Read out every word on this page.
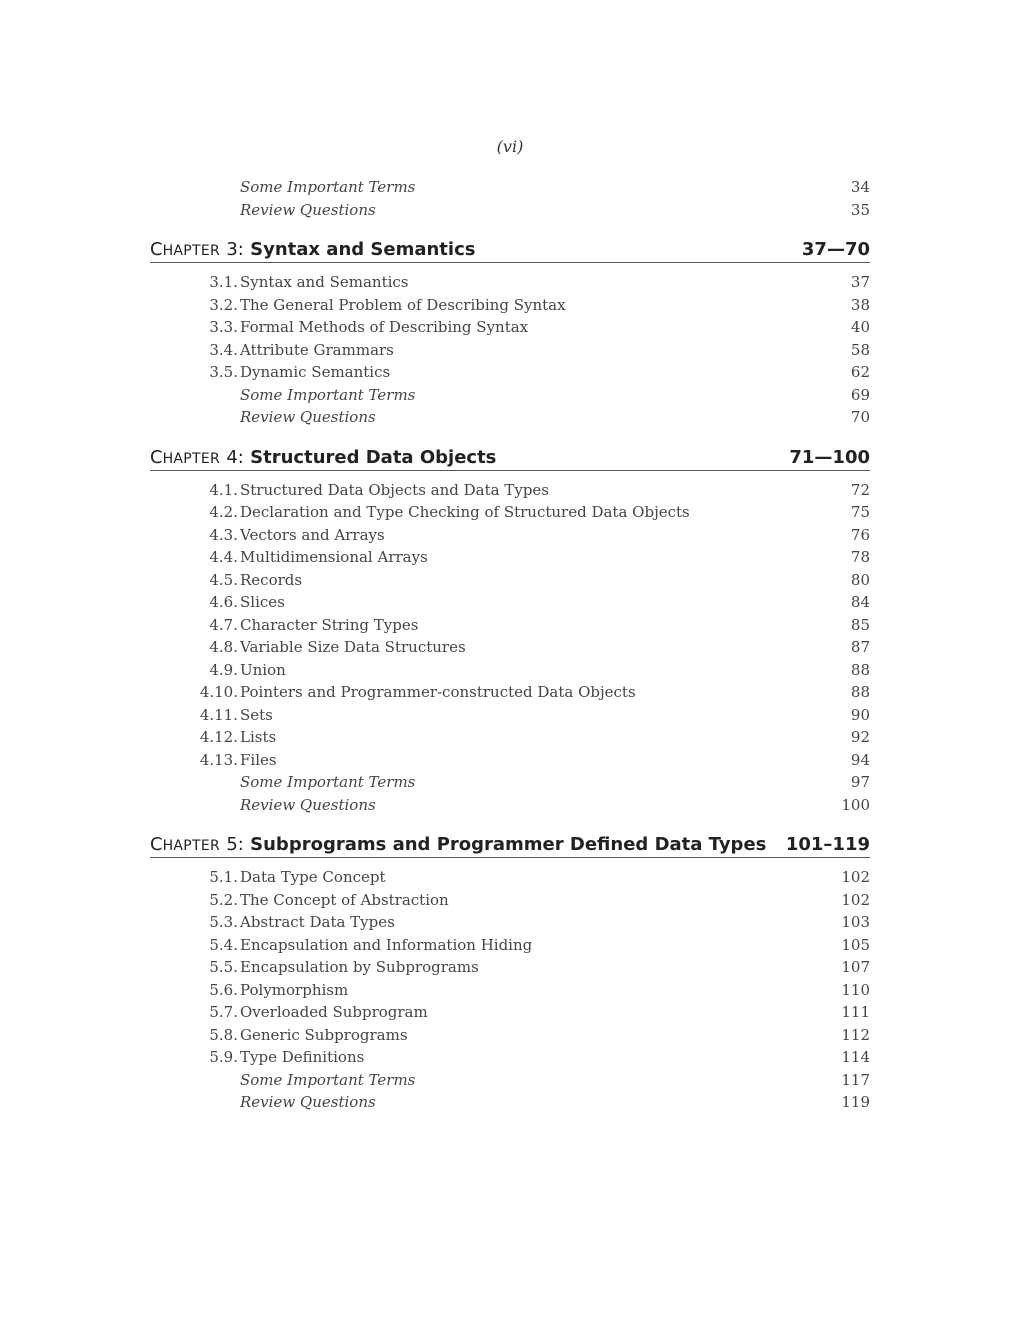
(vi)
Some Important Terms	34
Review Questions	35
CHAPTER 3: Syntax and Semantics	37—70
3.1. Syntax and Semantics	37
3.2. The General Problem of Describing Syntax	38
3.3. Formal Methods of Describing Syntax	40
3.4. Attribute Grammars	58
3.5. Dynamic Semantics	62
Some Important Terms	69
Review Questions	70
CHAPTER 4: Structured Data Objects	71—100
4.1. Structured Data Objects and Data Types	72
4.2. Declaration and Type Checking of Structured Data Objects	75
4.3. Vectors and Arrays	76
4.4. Multidimensional Arrays	78
4.5. Records	80
4.6. Slices	84
4.7. Character String Types	85
4.8. Variable Size Data Structures	87
4.9. Union	88
4.10. Pointers and Programmer-constructed Data Objects	88
4.11. Sets	90
4.12. Lists	92
4.13. Files	94
Some Important Terms	97
Review Questions	100
CHAPTER 5: Subprograms and Programmer Defined Data Types 101–119
5.1. Data Type Concept	102
5.2. The Concept of Abstraction	102
5.3. Abstract Data Types	103
5.4. Encapsulation and Information Hiding	105
5.5. Encapsulation by Subprograms	107
5.6. Polymorphism	110
5.7. Overloaded Subprogram	111
5.8. Generic Subprograms	112
5.9. Type Definitions	114
Some Important Terms	117
Review Questions	119
